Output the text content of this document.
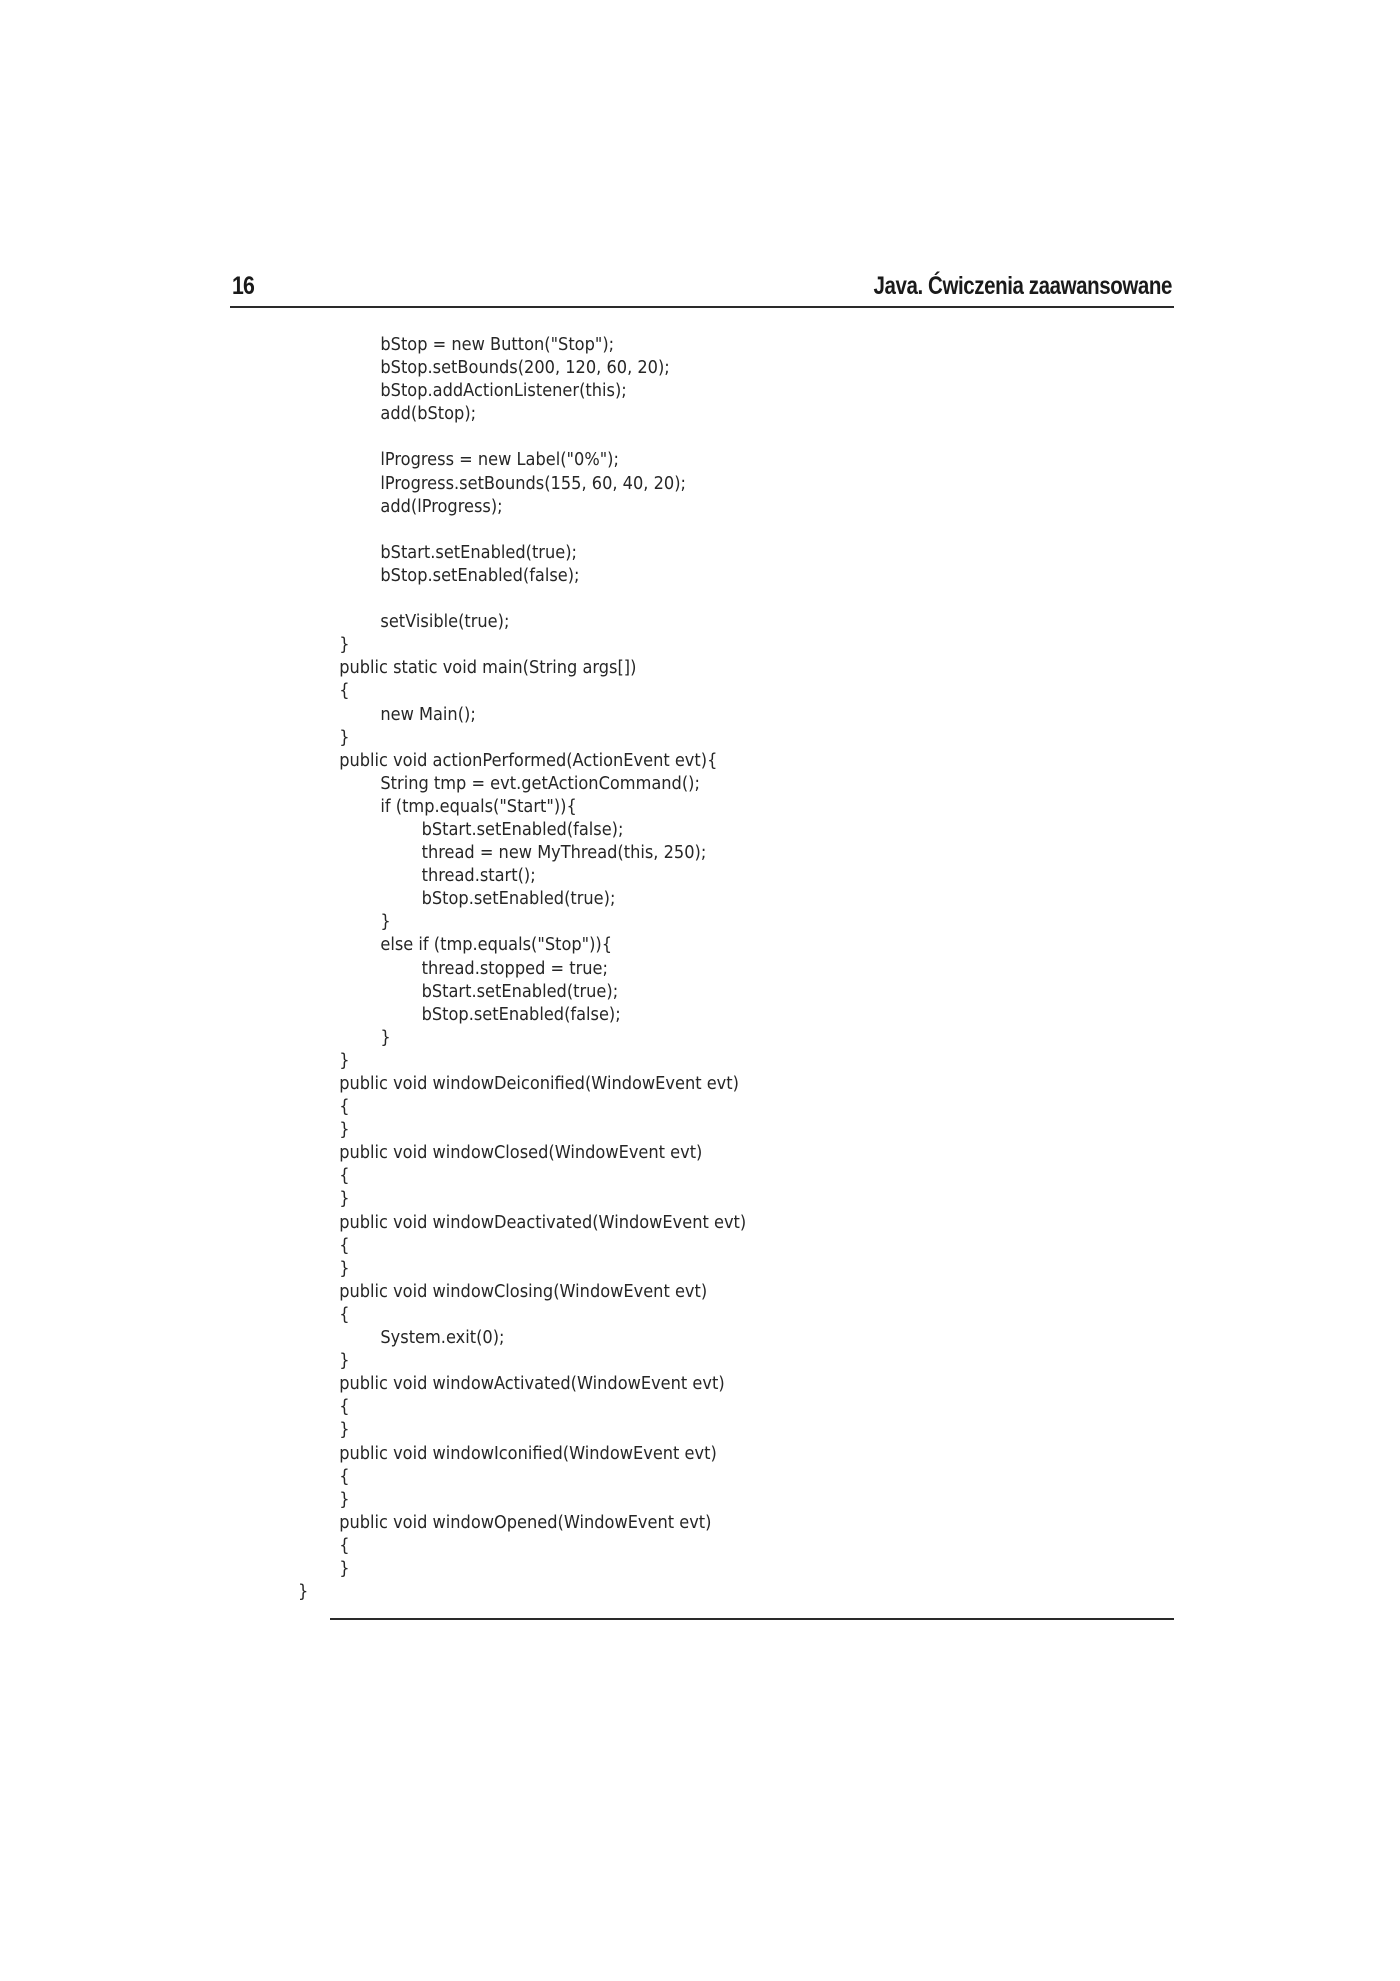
16	Java. Ćwiczenia zaawansowane
bStop = new Button("Stop");
bStop.setBounds(200, 120, 60, 20);
bStop.addActionListener(this);
add(bStop);
lProgress = new Label("0%");
lProgress.setBounds(155, 60, 40, 20);
add(lProgress);
bStart.setEnabled(true);
bStop.setEnabled(false);
setVisible(true);
}
public static void main(String args[])
{
new Main();
}
public void actionPerformed(ActionEvent evt){
String tmp = evt.getActionCommand();
if (tmp.equals("Start")){
bStart.setEnabled(false);
thread = new MyThread(this, 250);
thread.start();
bStop.setEnabled(true);
}
else if (tmp.equals("Stop")){
thread.stopped = true;
bStart.setEnabled(true);
bStop.setEnabled(false);
}
}
public void windowDeiconified(WindowEvent evt)
{
}
public void windowClosed(WindowEvent evt)
{
}
public void windowDeactivated(WindowEvent evt)
{
}
public void windowClosing(WindowEvent evt)
{
System.exit(0);
}
public void windowActivated(WindowEvent evt)
{
}
public void windowIconified(WindowEvent evt)
{
}
public void windowOpened(WindowEvent evt)
{
}
}
